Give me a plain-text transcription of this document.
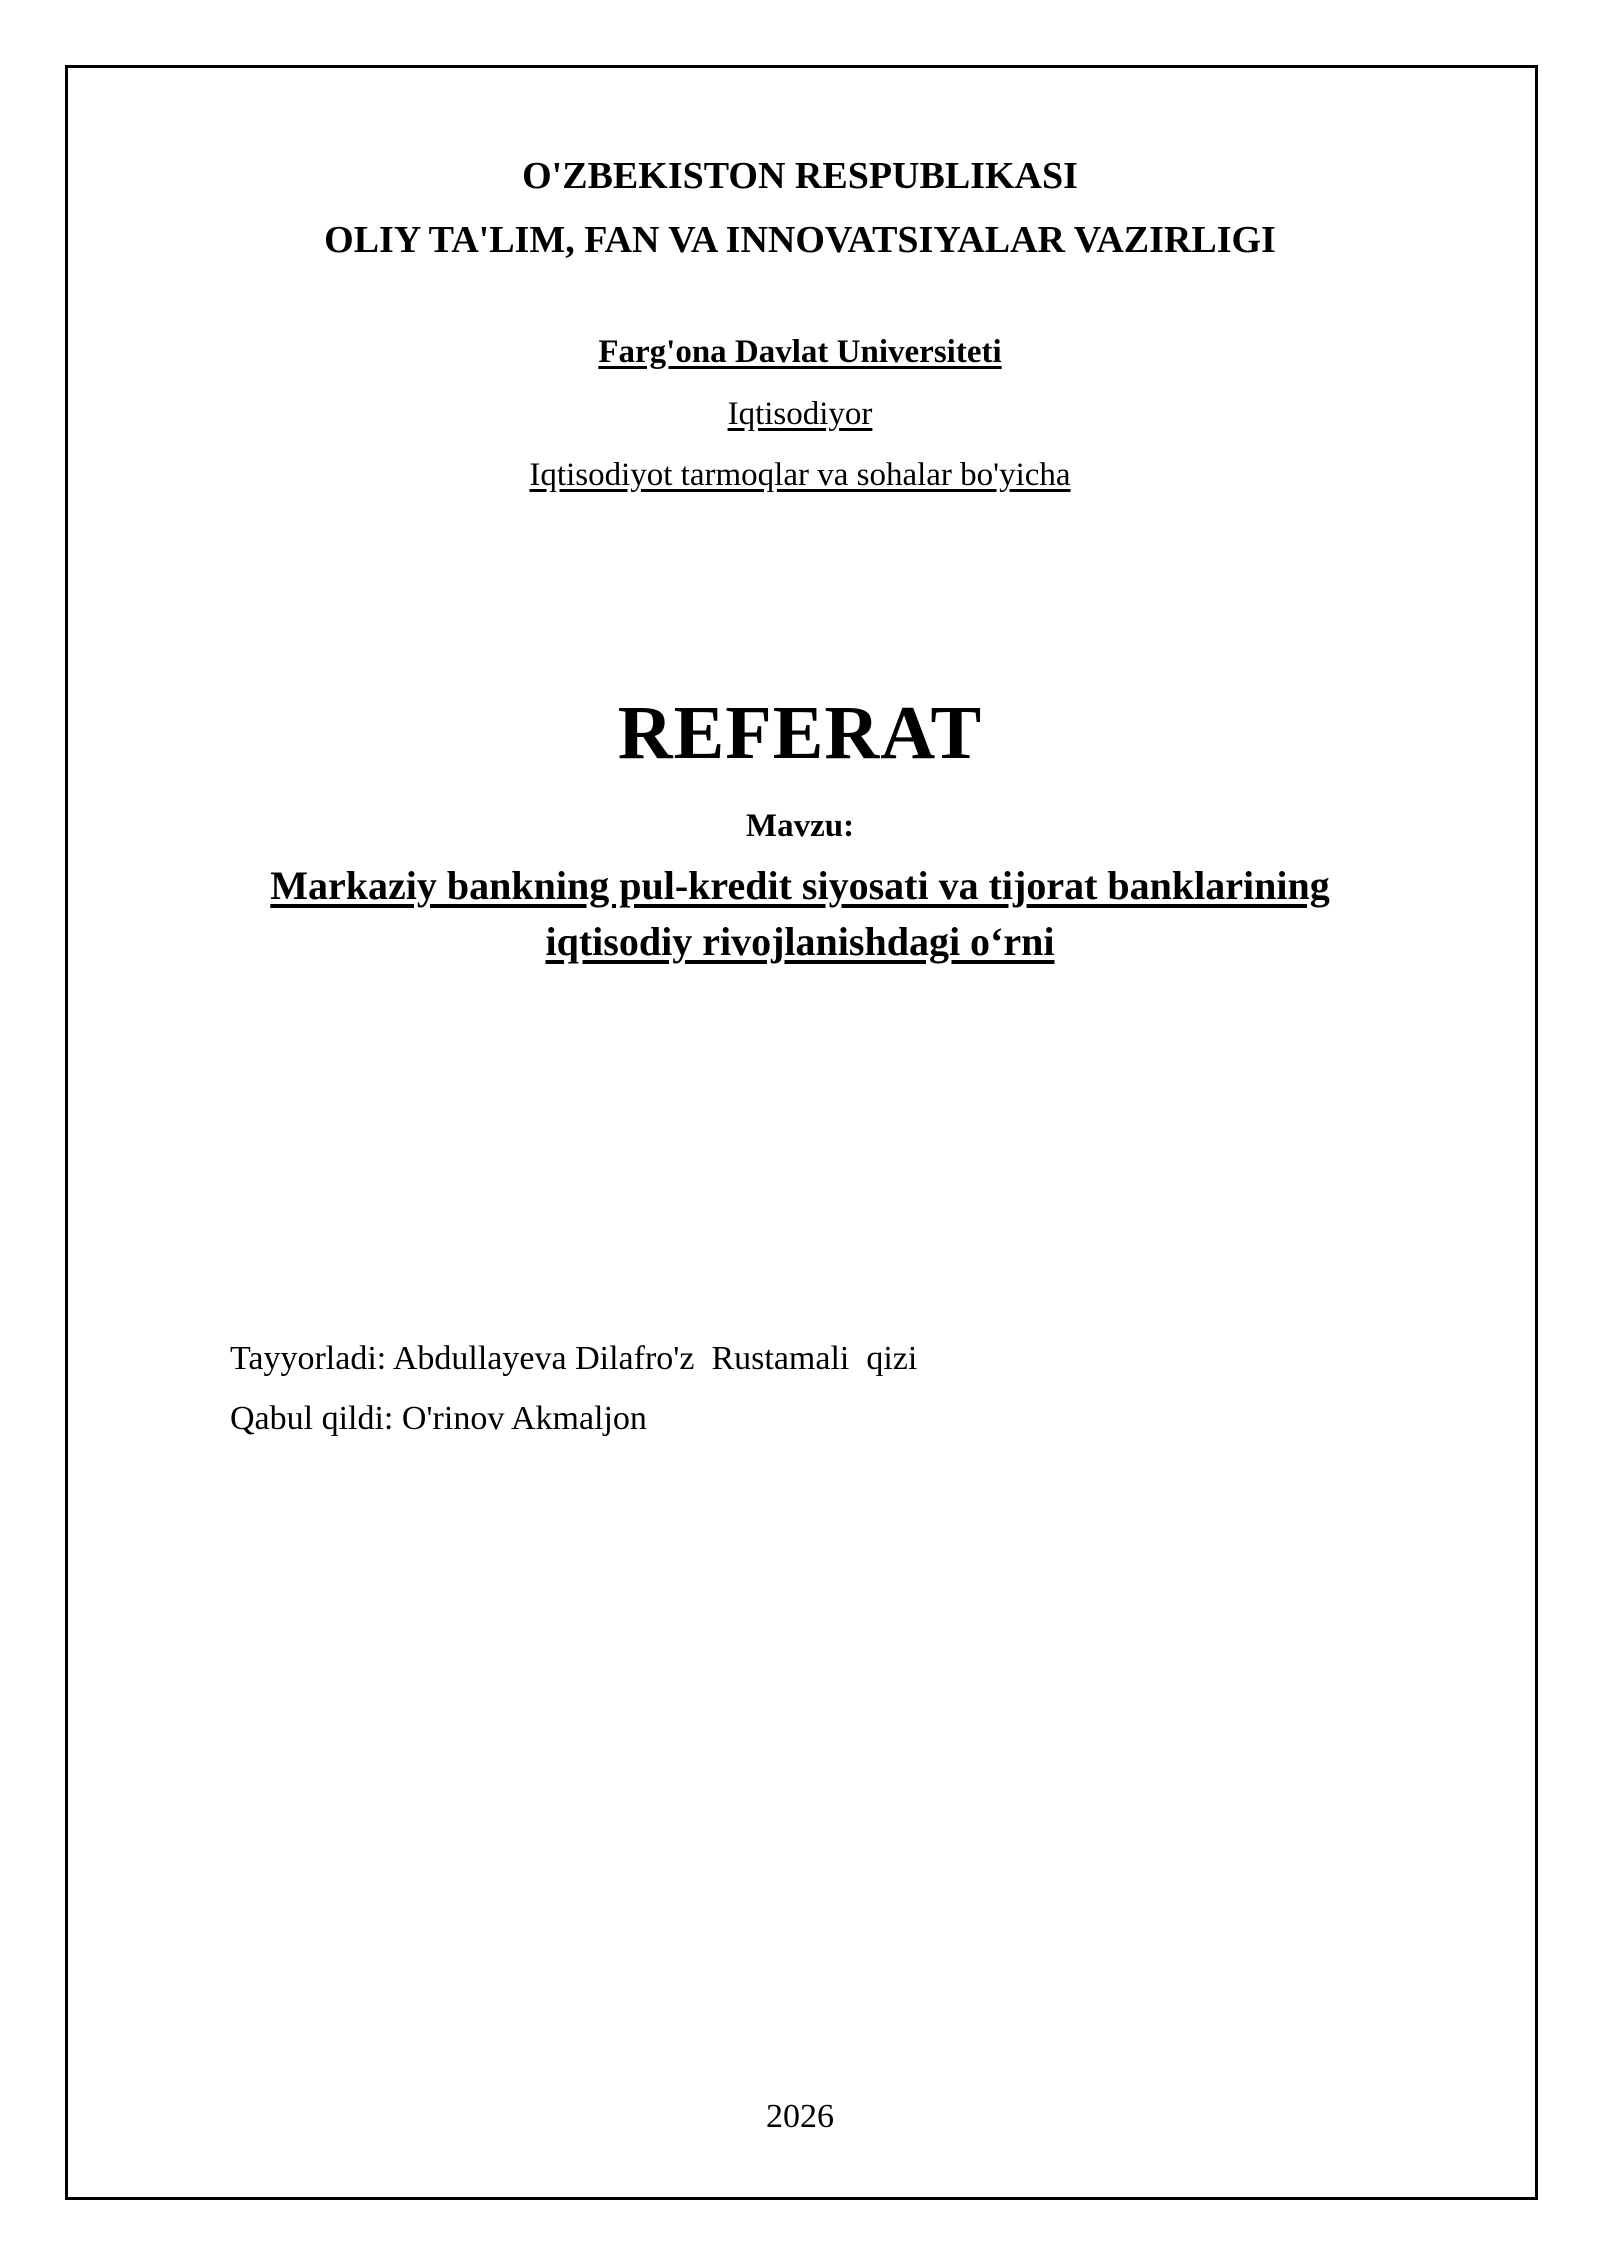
O'ZBEKISTON RESPUBLIKASI
OLIY TA'LIM, FAN VA INNOVATSIYALAR VAZIRLIGI
Farg'ona Davlat Universiteti
Iqtisodiyor
Iqtisodiyot tarmoqlar va sohalar bo'yicha
REFERAT
Mavzu:
Markaziy bankning pul-kredit siyosati va tijorat banklarining
iqtisodiy rivojlanishdagi o‘rni
Tayyorladi: Abdullayeva Dilafro'z  Rustamali  qizi
Qabul qildi: O'rinov Akmaljon
2026
